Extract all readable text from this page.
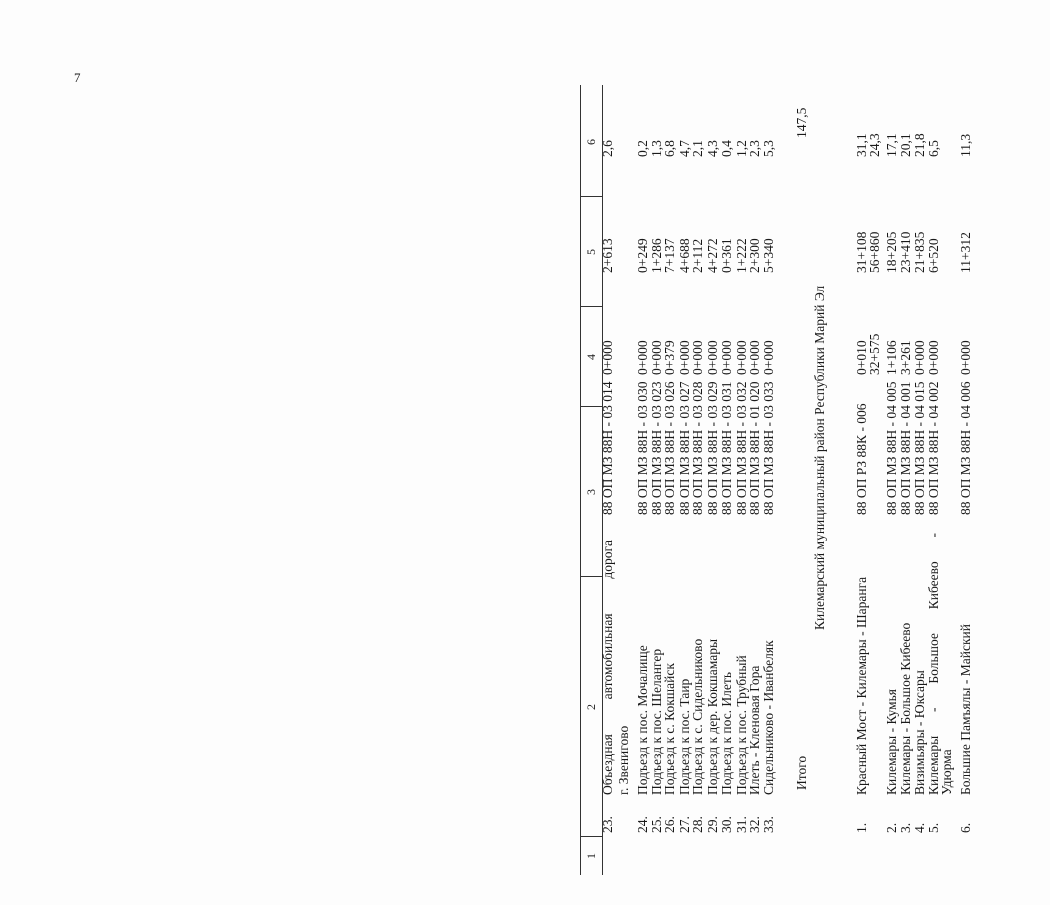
7
1
2
3
4
5
6
23.
Объездная автомобильная дорога г. Звенигово
88 ОП МЗ 88Н - 03 014
0+000
2+613
2,6
24.
Подъезд к пос. Мочалище
88 ОП МЗ 88Н - 03 030
0+000
0+249
0,2
25.
Подъезд к пос. Шелангер
88 ОП МЗ 88Н - 03 023
0+000
1+286
1,3
26.
Подъезд к с. Кокшайск
88 ОП МЗ 88Н - 03 026
0+379
7+137
6,8
27.
Подъезд к пос. Таир
88 ОП МЗ 88Н - 03 027
0+000
4+688
4,7
28.
Подъезд к с. Сидельниково
88 ОП МЗ 88Н - 03 028
0+000
2+112
2,1
29.
Подъезд к дер. Кокшамары
88 ОП МЗ 88Н - 03 029
0+000
4+272
4,3
30.
Подъезд к пос. Илеть
88 ОП МЗ 88Н - 03 031
0+000
0+361
0,4
31.
Подъезд к пос. Трубный
88 ОП МЗ 88Н - 03 032
0+000
1+222
1,2
32.
Илеть - Кленовая Гора
88 ОП МЗ 88Н - 01 020
0+000
2+300
2,3
33.
Сидельниково - Иванбеляк
88 ОП МЗ 88Н - 03 033
0+000
5+340
5,3
Итого
147,5
Килемарский муниципальный район Республики Марий Эл
1.
Красный Мост - Килемары - Шаранга
88 ОП РЗ 88К - 006
0+010
31+108
31,1
32+575
56+860
24,3
2.
Килемары - Кумья
88 ОП МЗ 88Н - 04 005
1+106
18+205
17,1
3.
Килемары - Большое Кибеево
88 ОП МЗ 88Н - 04 001
3+261
23+410
20,1
4.
Визимьяры - Юксары
88 ОП МЗ 88Н - 04 015
0+000
21+835
21,8
5.
Килемары - Большое Кибеево -
88 ОП МЗ 88Н - 04 002
0+000
6+520
6,5
Удюрма
6.
Большие Памъялы - Майский
88 ОП МЗ 88Н - 04 006
0+000
11+312
11,3
